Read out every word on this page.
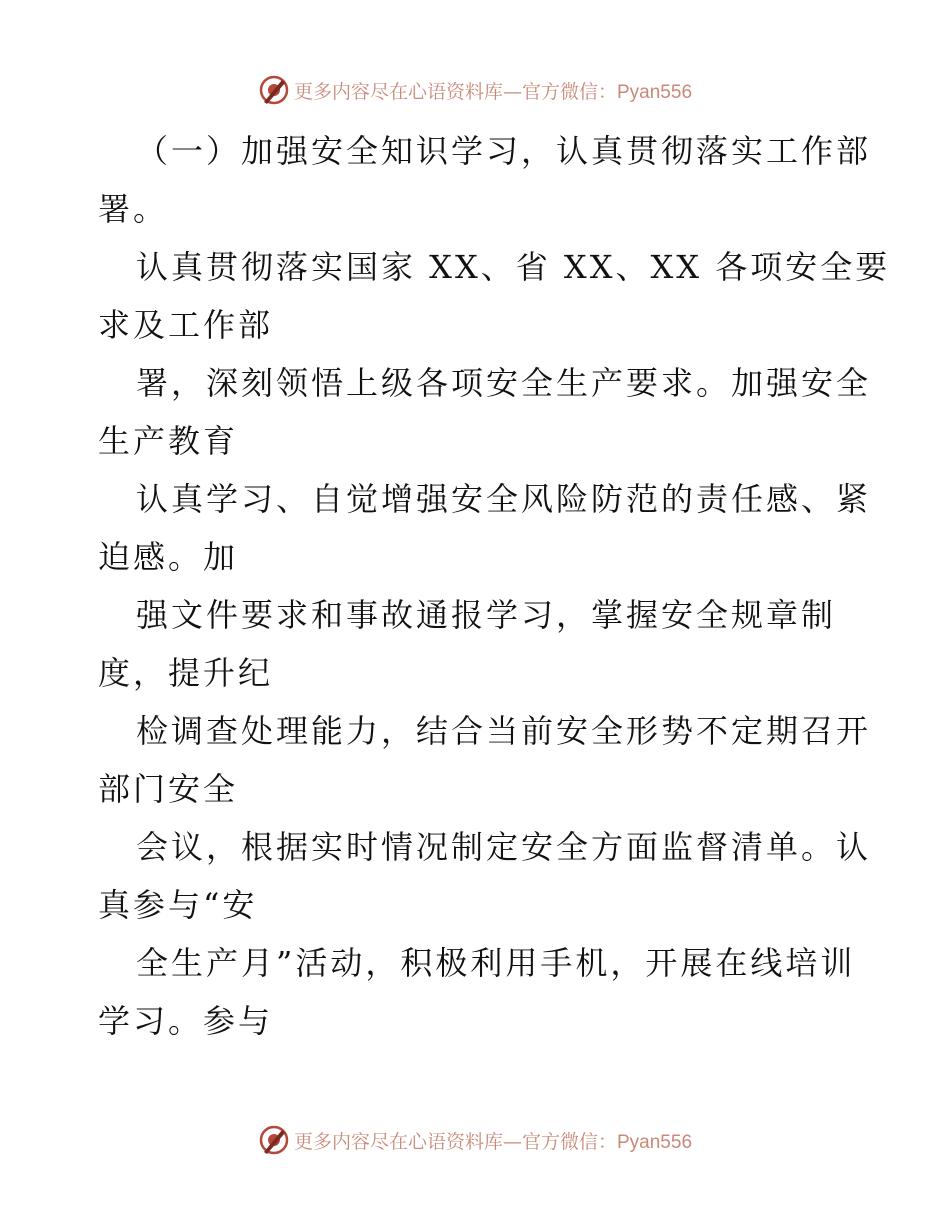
更多内容尽在心语资料库—官方微信：Pyan556
（一）加强安全知识学习，认真贯彻落实工作部
署。
认真贯彻落实国家 XX、省 XX、XX 各项安全要
求及工作部
署，深刻领悟上级各项安全生产要求。加强安全
生产教育
认真学习、自觉增强安全风险防范的责任感、紧
迫感。加
强文件要求和事故通报学习，掌握安全规章制
度，提升纪
检调查处理能力，结合当前安全形势不定期召开
部门安全
会议，根据实时情况制定安全方面监督清单。认
真参与“安
全生产月”活动，积极利用手机，开展在线培训
学习。参与
更多内容尽在心语资料库—官方微信：Pyan556
